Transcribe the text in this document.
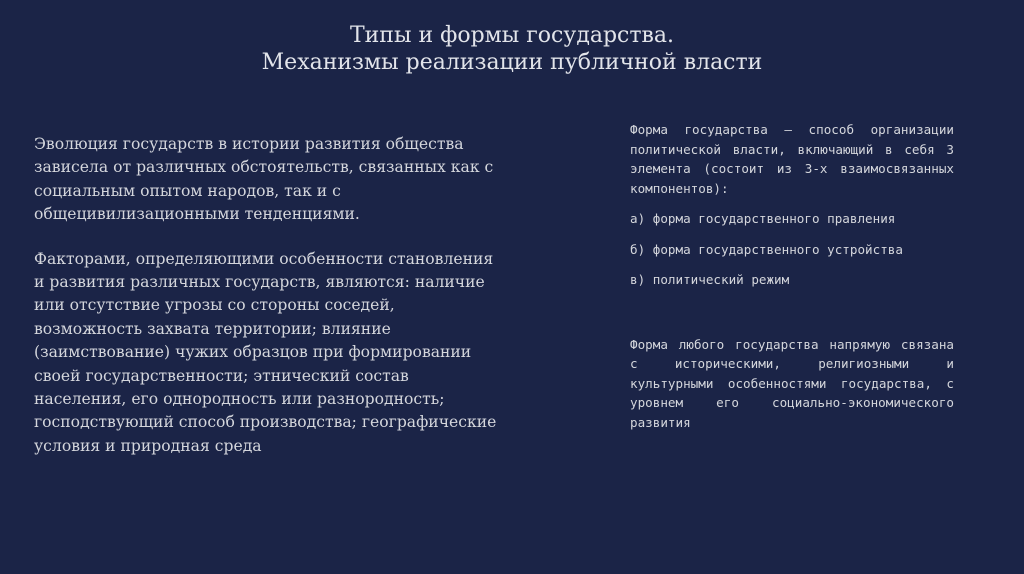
Типы и формы государства.
Механизмы реализации публичной власти

Эволюция государств в истории развития общества зависела от различных обстоятельств, связанных как с социальным опытом народов, так и с общецивилизационными тенденциями.

Факторами, определяющими особенности становления и развития различных государств, являются: наличие или отсутствие угрозы со стороны соседей, возможность захвата территории; влияние (заимствование) чужих образцов при формировании своей государственности; этнический состав населения, его однородность или разнородность; господствующий способ производства; географические условия и природная среда

Форма государства – способ организации политической власти, включающий в себя 3 элемента (состоит из 3-х взаимосвязанных компонентов):

а) форма государственного правления

б) форма государственного устройства

в) политический режим

Форма любого государства напрямую связана с историческими, религиозными и культурными особенностями государства, с уровнем его социально-экономического развития
